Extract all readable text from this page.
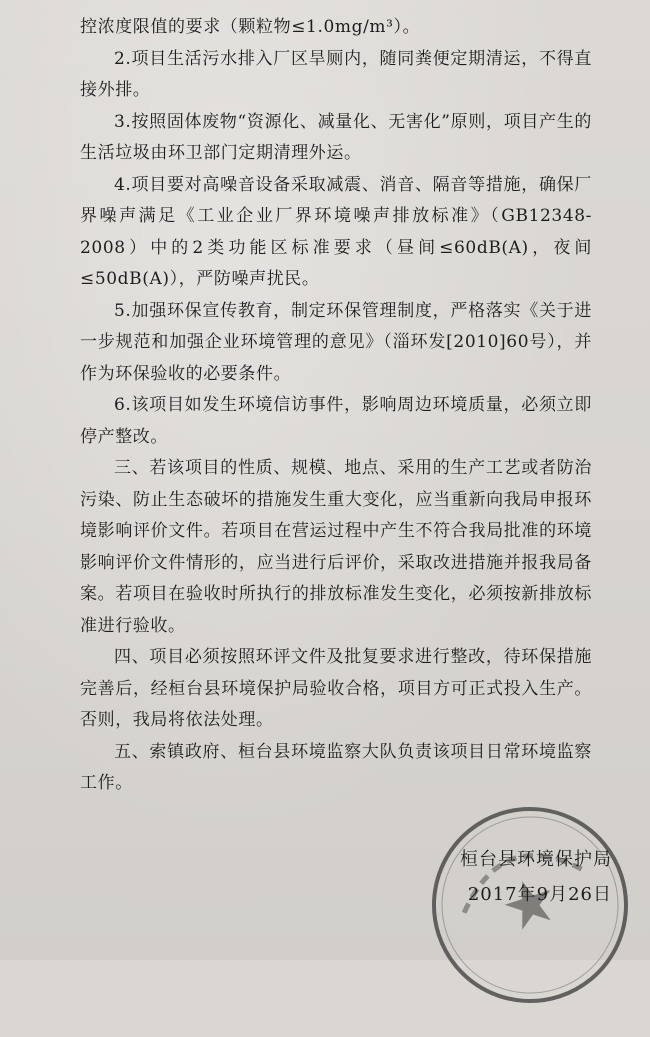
控浓度限值的要求（颗粒物≤1.0mg/m³）。

2.项目生活污水排入厂区旱厕内，随同粪便定期清运，不得直接外排。

3.按照固体废物“资源化、减量化、无害化”原则，项目产生的生活垃圾由环卫部门定期清理外运。

4.项目要对高噪音设备采取减震、消音、隔音等措施，确保厂界噪声满足《工业企业厂界环境噪声排放标准》（GB12348-2008）中的2类功能区标准要求（昼间≤60dB(A)，夜间≤50dB(A)），严防噪声扰民。

5.加强环保宣传教育，制定环保管理制度，严格落实《关于进一步规范和加强企业环境管理的意见》（淄环发[2010]60号），并作为环保验收的必要条件。

6.该项目如发生环境信访事件，影响周边环境质量，必须立即停产整改。

三、若该项目的性质、规模、地点、采用的生产工艺或者防治污染、防止生态破坏的措施发生重大变化，应当重新向我局申报环境影响评价文件。若项目在营运过程中产生不符合我局批准的环境影响评价文件情形的，应当进行后评价，采取改进措施并报我局备案。若项目在验收时所执行的排放标准发生变化，必须按新排放标准进行验收。

四、项目必须按照环评文件及批复要求进行整改，待环保措施完善后，经桓台县环境保护局验收合格，项目方可正式投入生产。否则，我局将依法处理。

五、索镇政府、桓台县环境监察大队负责该项目日常环境监察工作。

桓台县环境保护局
2017年9月26日
